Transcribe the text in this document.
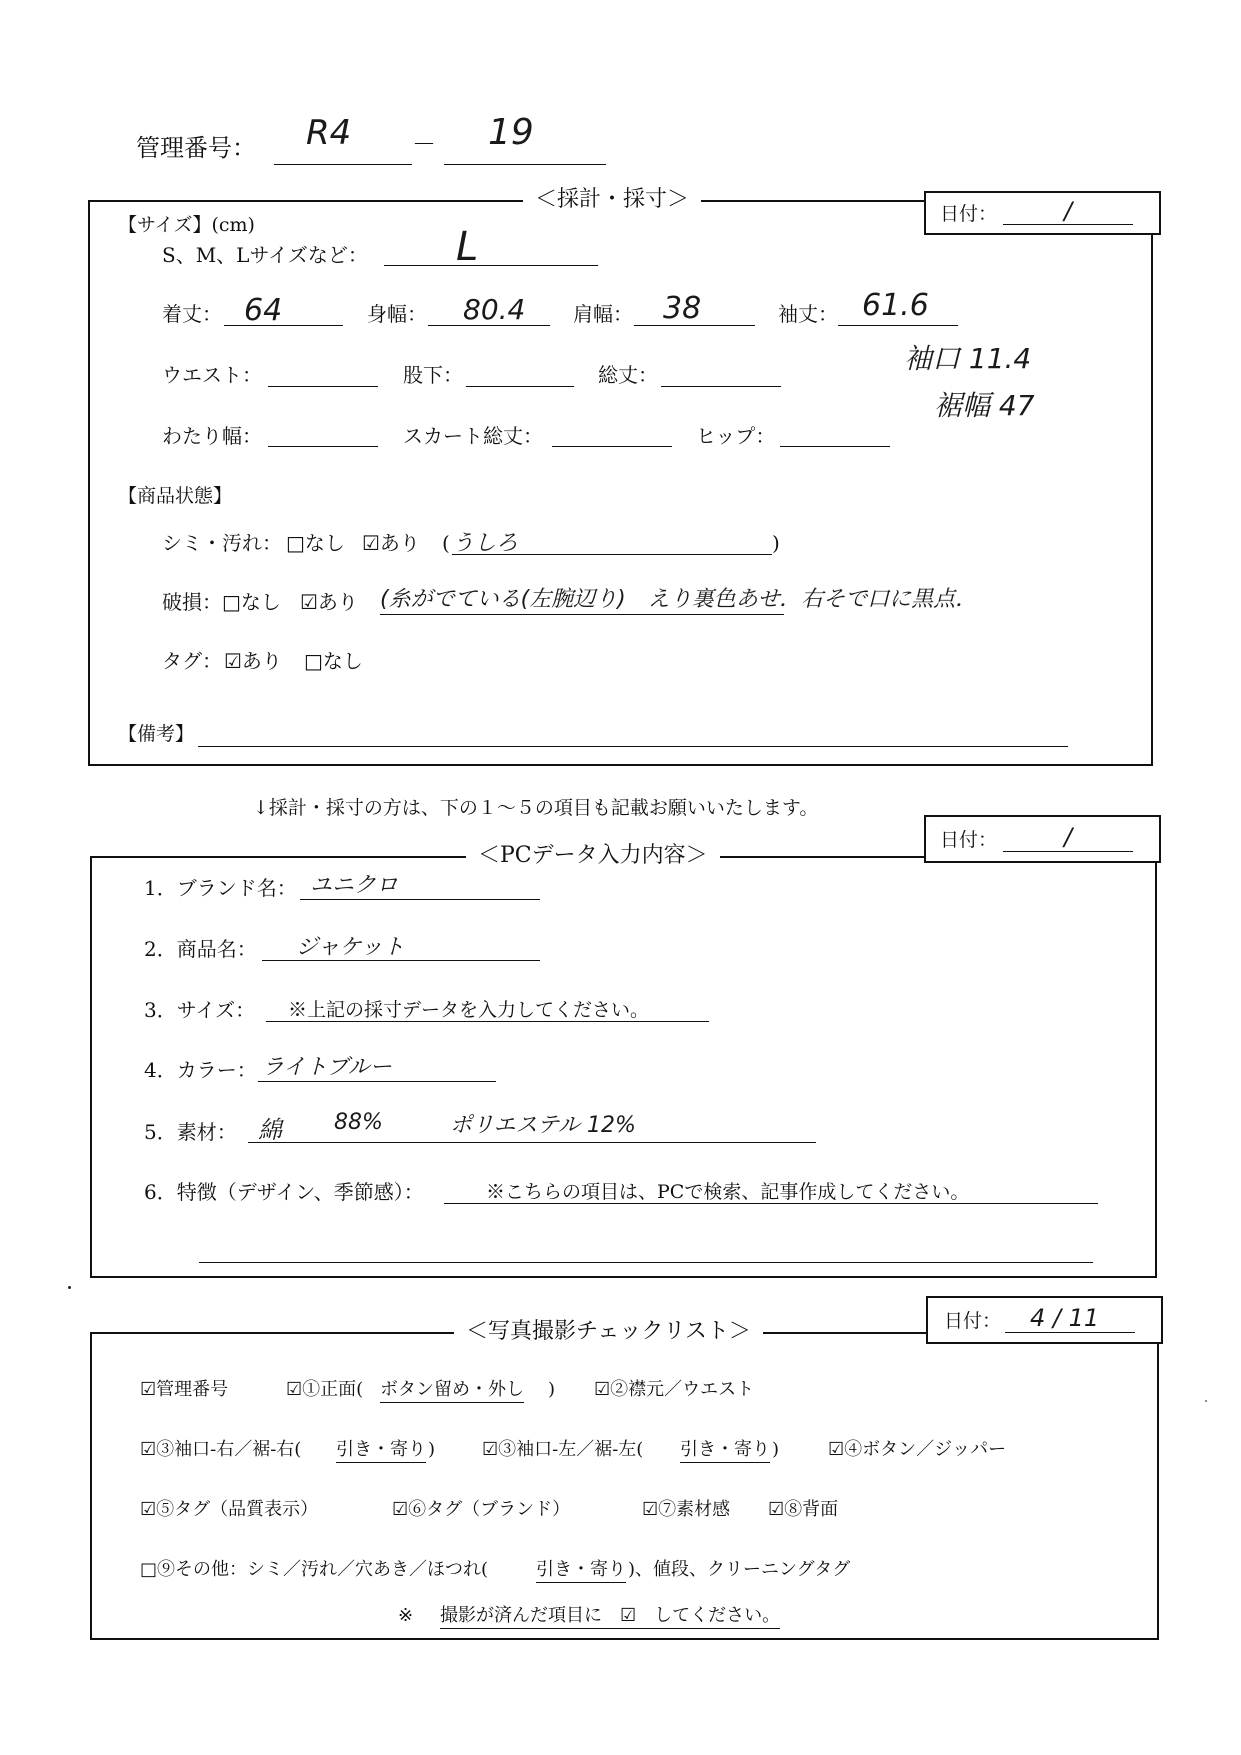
管理番号： R4	－ 19
＜採計・採寸＞
日付：	/
【サイズ】(cm)
S、M、Lサイズなど： L
着丈： 64	身幅： 80.4 肩幅： 38	袖丈： 61.6
袖口 11.4
裾幅 47
ウエスト：	股下：	総丈：
わたり幅：	スカート総丈：	ヒップ：
【商品状態】
シミ・汚れ： □なし ☑あり ( うしろ	)
破損： □なし ☑あり (糸がでている(左腕辺り)　えり裏色あせ．右そで口に黒点．
タグ： ☑あり □なし
【備考】
↓採計・採寸の方は、下の１～５の項目も記載お願いいたします。
＜PCデータ入力内容＞
日付：	/
1．ブランド名： ユニクロ
2．商品名： ジャケット
3．サイズ： ※上記の採寸データを入力してください。
4．カラー： ライトブルー
5．素材： 綿 88%	ポリエステル 12%
6．特徴（デザイン、季節感）：	※こちらの項目は、PCで検索、記事作成してください。
＜写真撮影チェックリスト＞	日付： 4 / 11
☑管理番号	☑①正面( ボタン留め・外し ) ☑②襟元／ウエスト
☑③袖口-右／裾-右( 引き・寄り )	☑③袖口-左／裾-左( 引き・寄り )	☑④ボタン／ジッパー
☑⑤タグ（品質表示）	☑⑥タグ（ブランド）	☑⑦素材感 ☑⑧背面
□⑨その他：シミ／汚れ／穴あき／ほつれ(	引き・寄り )、値段、クリーニングタグ
※ 撮影が済んだ項目に　☑　してください。
